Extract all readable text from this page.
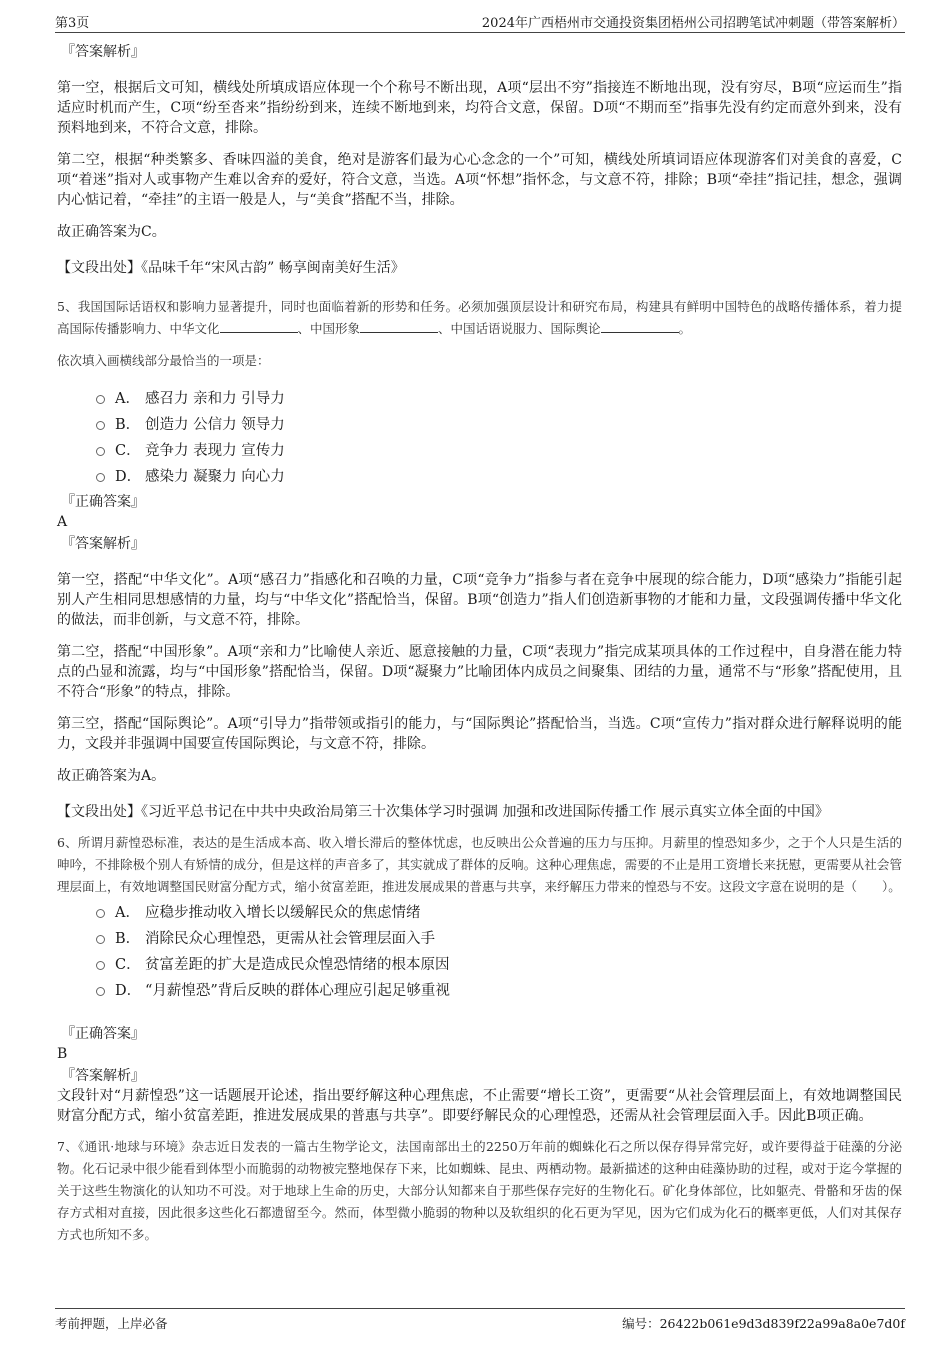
第3页	2024年广西梧州市交通投资集团梧州公司招聘笔试冲刺题（带答案解析）

『答案解析』

第一空，根据后文可知，横线处所填成语应体现一个个称号不断出现，A项“层出不穷”指接连不断地出现，没有穷尽，B项“应运而生”指适应时机而产生，C项“纷至沓来”指纷纷到来，连续不断地到来，均符合文意，保留。D项“不期而至”指事先没有约定而意外到来，没有预料地到来，不符合文意，排除。

第二空，根据“种类繁多、香味四溢的美食，绝对是游客们最为心心念念的一个”可知，横线处所填词语应体现游客们对美食的喜爱，C项“着迷”指对人或事物产生难以舍弃的爱好，符合文意，当选。A项“怀想”指怀念，与文意不符，排除；B项“牵挂”指记挂，想念，强调内心惦记着，“牵挂”的主语一般是人，与“美食”搭配不当，排除。

故正确答案为C。

【文段出处】《品味千年“宋风古韵” 畅享闽南美好生活》

5、我国国际话语权和影响力显著提升，同时也面临着新的形势和任务。必须加强顶层设计和研究布局，构建具有鲜明中国特色的战略传播体系，着力提高国际传播影响力、中华文化	、中国形象	、中国话语说服力、国际舆论	。

依次填入画横线部分最恰当的一项是：

A． 感召力 亲和力 引导力
B． 创造力 公信力 领导力
C． 竞争力 表现力 宣传力
D． 感染力 凝聚力 向心力

『正确答案』

A

『答案解析』

第一空，搭配“中华文化”。A项“感召力”指感化和召唤的力量，C项“竞争力”指参与者在竞争中展现的综合能力，D项“感染力”指能引起别人产生相同思想感情的力量，均与“中华文化”搭配恰当，保留。B项“创造力”指人们创造新事物的才能和力量，文段强调传播中华文化的做法，而非创新，与文意不符，排除。

第二空，搭配“中国形象”。A项“亲和力”比喻使人亲近、愿意接触的力量，C项“表现力”指完成某项具体的工作过程中，自身潜在能力特点的凸显和流露，均与“中国形象”搭配恰当，保留。D项“凝聚力”比喻团体内成员之间聚集、团结的力量，通常不与“形象”搭配使用，且不符合“形象”的特点，排除。

第三空，搭配“国际舆论”。A项“引导力”指带领或指引的能力，与“国际舆论”搭配恰当，当选。C项“宣传力”指对群众进行解释说明的能力，文段并非强调中国要宣传国际舆论，与文意不符，排除。

故正确答案为A。

【文段出处】《习近平总书记在中共中央政治局第三十次集体学习时强调 加强和改进国际传播工作 展示真实立体全面的中国》

6、所谓月薪惶恐标准，表达的是生活成本高、收入增长滞后的整体忧虑，也反映出公众普遍的压力与压抑。月薪里的惶恐知多少，之于个人只是生活的呻吟，不排除极个别人有矫情的成分，但是这样的声音多了，其实就成了群体的反响。这种心理焦虑，需要的不止是用工资增长来抚慰，更需要从社会管理层面上，有效地调整国民财富分配方式，缩小贫富差距，推进发展成果的普惠与共享，来纾解压力带来的惶恐与不安。这段文字意在说明的是（　　）。

A． 应稳步推动收入增长以缓解民众的焦虑情绪
B． 消除民众心理惶恐，更需从社会管理层面入手
C． 贫富差距的扩大是造成民众惶恐情绪的根本原因
D． “月薪惶恐”背后反映的群体心理应引起足够重视

『正确答案』

B

『答案解析』

文段针对“月薪惶恐”这一话题展开论述，指出要纾解这种心理焦虑，不止需要“增长工资”，更需要“从社会管理层面上，有效地调整国民财富分配方式，缩小贫富差距，推进发展成果的普惠与共享”。即要纾解民众的心理惶恐，还需从社会管理层面入手。因此B项正确。

7、《通讯·地球与环境》杂志近日发表的一篇古生物学论文，法国南部出土的2250万年前的蜘蛛化石之所以保存得异常完好，或许要得益于硅藻的分泌物。化石记录中很少能看到体型小而脆弱的动物被完整地保存下来，比如蜘蛛、昆虫、两栖动物。最新描述的这种由硅藻协助的过程，或对于迄今掌握的关于这些生物演化的认知功不可没。对于地球上生命的历史，大部分认知都来自于那些保存完好的生物化石。矿化身体部位，比如躯壳、骨骼和牙齿的保存方式相对直接，因此很多这些化石都遗留至今。然而，体型微小脆弱的物种以及软组织的化石更为罕见，因为它们成为化石的概率更低，人们对其保存方式也所知不多。

考前押题，上岸必备	编号：26422b061e9d3d839f22a99a8a0e7d0f
